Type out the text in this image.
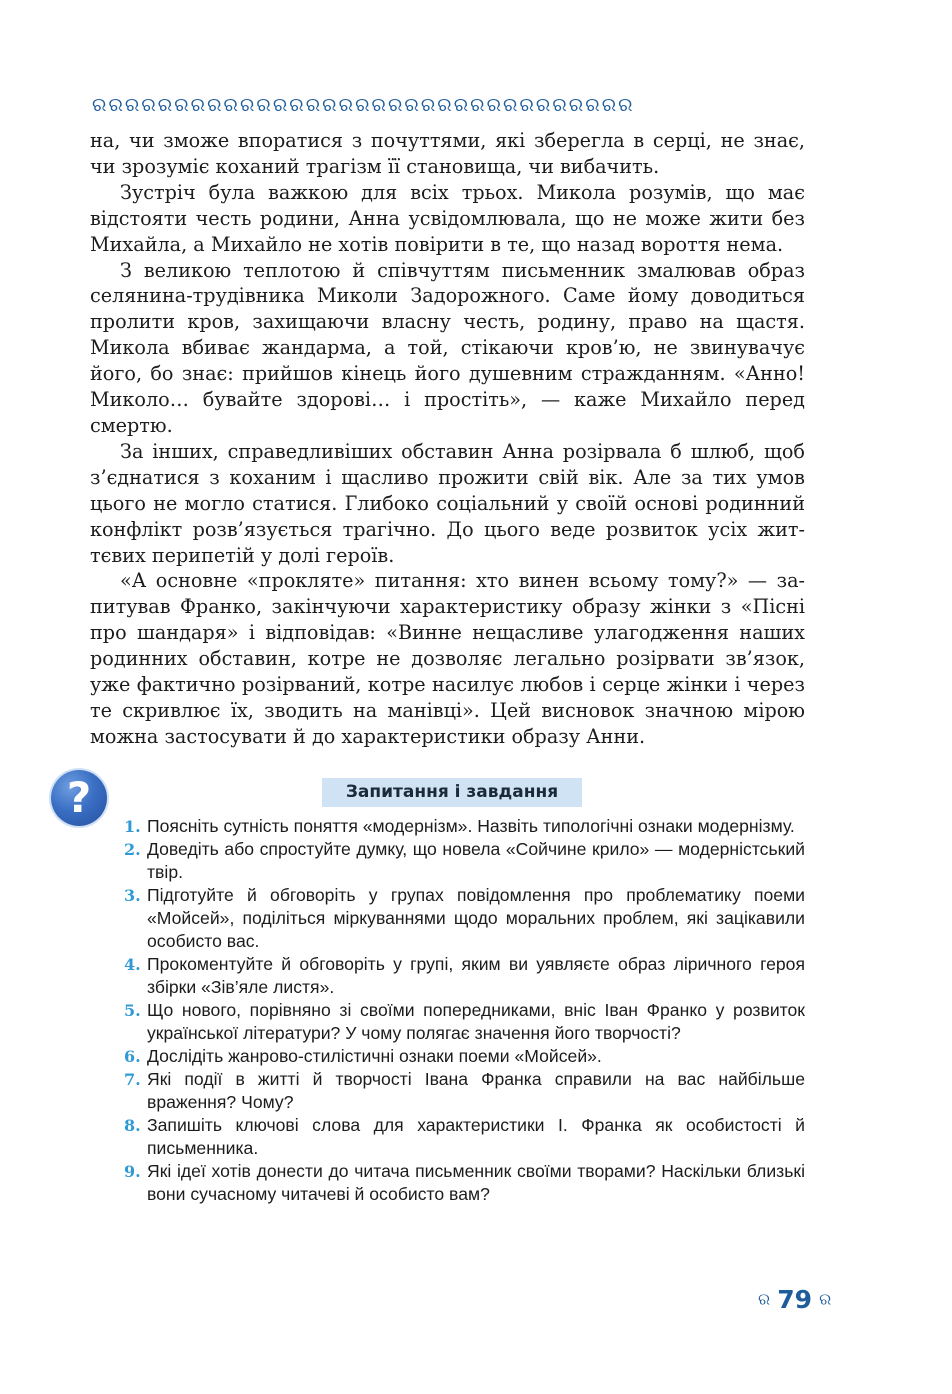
ର ର ର ର ର ର ର ର ର ର ର ର ର ର ର ର ର ର ର ର ର ର ର ର ର ର ର ର ର ର ର ର ର

на, чи зможе впоратися з почуттями, які зберегла в серці, не знає, чи зрозуміє коханий трагізм її становища, чи вибачить.

Зустріч була важкою для всіх трьох. Микола розумів, що має відстояти честь родини, Анна усвідомлювала, що не може жити без Михайла, а Михайло не хотів повірити в те, що назад вороття нема.

З великою теплотою й співчуттям письменник змалював образ селянина-трудівника Миколи Задорожного. Саме йому доводиться пролити кров, захищаючи власну честь, родину, право на щастя. Микола вбиває жандарма, а той, стікаючи кров’ю, не звинувачує його, бо знає: прийшов кінець його душевним стражданням. «Анно! Миколо… бувайте здорові… і простіть», — каже Михайло перед смертю.

За інших, справедливіших обставин Анна розірвала б шлюб, щоб з’єднатися з коханим і щасливо прожити свій вік. Але за тих умов цього не могло статися. Глибоко соціальний у своїй основі родинний конфлікт розв’язується трагічно. До цього веде розвиток усіх життєвих перипетій у долі героїв.

«А основне «прокляте» питання: хто винен всьому тому?» — запитував Франко, закінчуючи характеристику образу жінки з «Пісні про шандаря» і відповідав: «Винне нещасливе улагодження наших родинних обставин, котре не дозволяє легально розірвати зв’язок, уже фактично розірваний, котре насилує любов і серце жінки і через те скривлює їх, зводить на манівці». Цей висновок значною мірою можна застосувати й до характеристики образу Анни.

?	Запитання і завдання
1. Поясніть сутність поняття «модернізм». Назвіть типологічні ознаки модернізму.
2. Доведіть або спростуйте думку, що новела «Сойчине крило» — модерністський твір.
3. Підготуйте й обговоріть у групах повідомлення про проблематику поеми «Мойсей», поділіться міркуваннями щодо моральних проблем, які зацікавили особисто вас.
4. Прокоментуйте й обговоріть у групі, яким ви уявляєте образ ліричного героя збірки «Зів’яле листя».
5. Що нового, порівняно зі своїми попередниками, вніс Іван Франко у розвиток української літератури? У чому полягає значення його творчості?
6. Дослідіть жанрово-стилістичні ознаки поеми «Мойсей».
7. Які події в житті й творчості Івана Франка справили на вас найбільше враження? Чому?
8. Запишіть ключові слова для характеристики І. Франка як особистості й письменника.
9. Які ідеї хотів донести до читача письменник своїми творами? Наскільки близькі вони сучасному читачеві й особисто вам?
ର 79 ର
